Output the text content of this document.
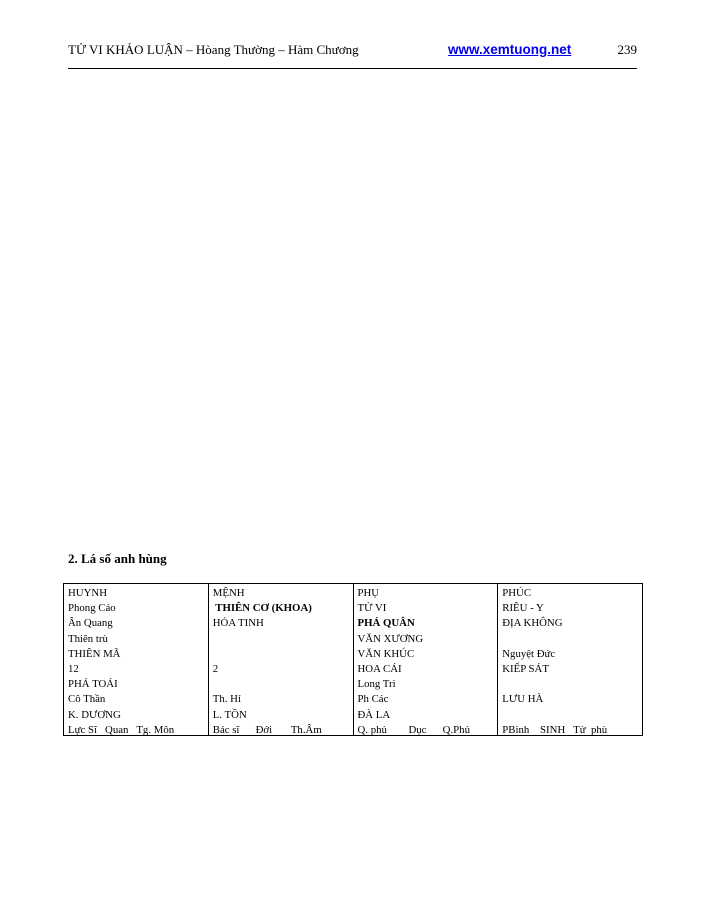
TỬ VI KHẢO LUẬN – Hòang Thường – Hàm Chương	www.xemtuong.net	239
2. Lá số anh hùng
HUYNH
Phong Cáo
Ân Quang
Thiên trù
THIÊN MÃ
12
PHÁ TOÁI
Cô Thần
K. DƯƠNG
Lực Sĩ   Quan   Tg. Môn
MỆNH
THIÊN CƠ (KHOA)
HỎA TINH
2
Th. Hỉ
L. TỒN
Bác sĩ      Đới       Th.Âm
PHỤ
TỬ VI
PHÁ QUÂN
VĂN XƯƠNG
VĂN KHÚC
HOA CÁI
Long Trì
Ph Các
ĐÀ LA
Q. phủ        Dục      Q.Phủ
PHÚC
RIÊU - Y
ĐỊA KHÔNG
Nguyệt Đức
KIẾP SÁT
LƯU HÀ
PBinh    SINH   Tử  phù
